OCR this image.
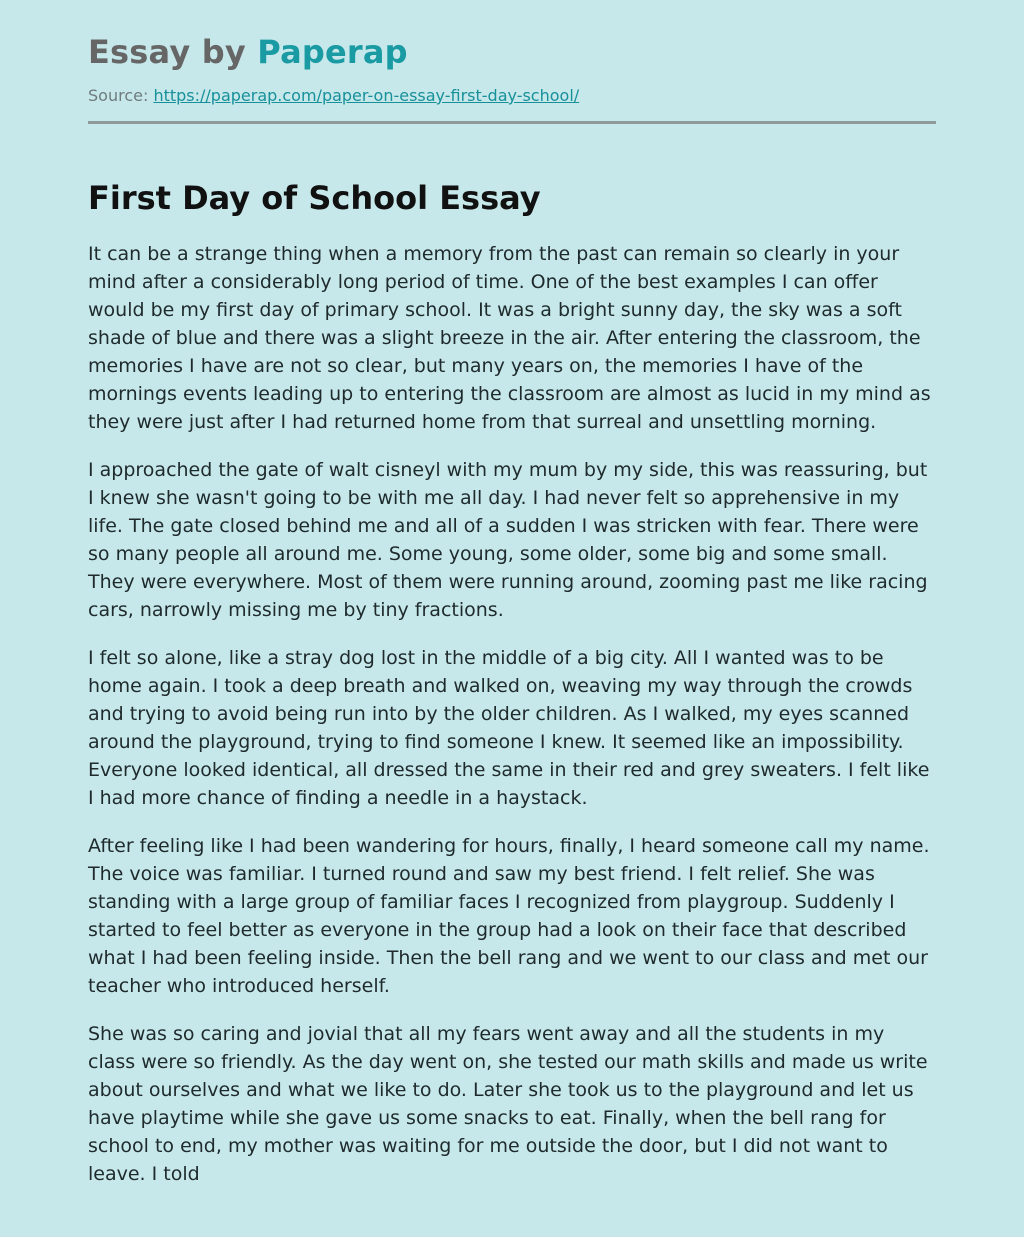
Essay by Paperap
Source: https://paperap.com/paper-on-essay-first-day-school/
First Day of School Essay

It can be a strange thing when a memory from the past can remain so clearly in your mind after a considerably long period of time. One of the best examples I can offer would be my first day of primary school. It was a bright sunny day, the sky was a soft shade of blue and there was a slight breeze in the air. After entering the classroom, the memories I have are not so clear, but many years on, the memories I have of the mornings events leading up to entering the classroom are almost as lucid in my mind as they were just after I had returned home from that surreal and unsettling morning.

I approached the gate of walt cisneyl with my mum by my side, this was reassuring, but I knew she wasn't going to be with me all day. I had never felt so apprehensive in my life. The gate closed behind me and all of a sudden I was stricken with fear. There were so many people all around me. Some young, some older, some big and some small. They were everywhere. Most of them were running around, zooming past me like racing cars, narrowly missing me by tiny fractions.

I felt so alone, like a stray dog lost in the middle of a big city. All I wanted was to be home again. I took a deep breath and walked on, weaving my way through the crowds and trying to avoid being run into by the older children. As I walked, my eyes scanned around the playground, trying to find someone I knew. It seemed like an impossibility. Everyone looked identical, all dressed the same in their red and grey sweaters. I felt like I had more chance of finding a needle in a haystack.

After feeling like I had been wandering for hours, finally, I heard someone call my name. The voice was familiar. I turned round and saw my best friend. I felt relief. She was standing with a large group of familiar faces I recognized from playgroup. Suddenly I started to feel better as everyone in the group had a look on their face that described what I had been feeling inside. Then the bell rang and we went to our class and met our teacher who introduced herself.

She was so caring and jovial that all my fears went away and all the students in my class were so friendly. As the day went on, she tested our math skills and made us write about ourselves and what we like to do. Later she took us to the playground and let us have playtime while she gave us some snacks to eat. Finally, when the bell rang for school to end, my mother was waiting for me outside the door, but I did not want to leave. I told
